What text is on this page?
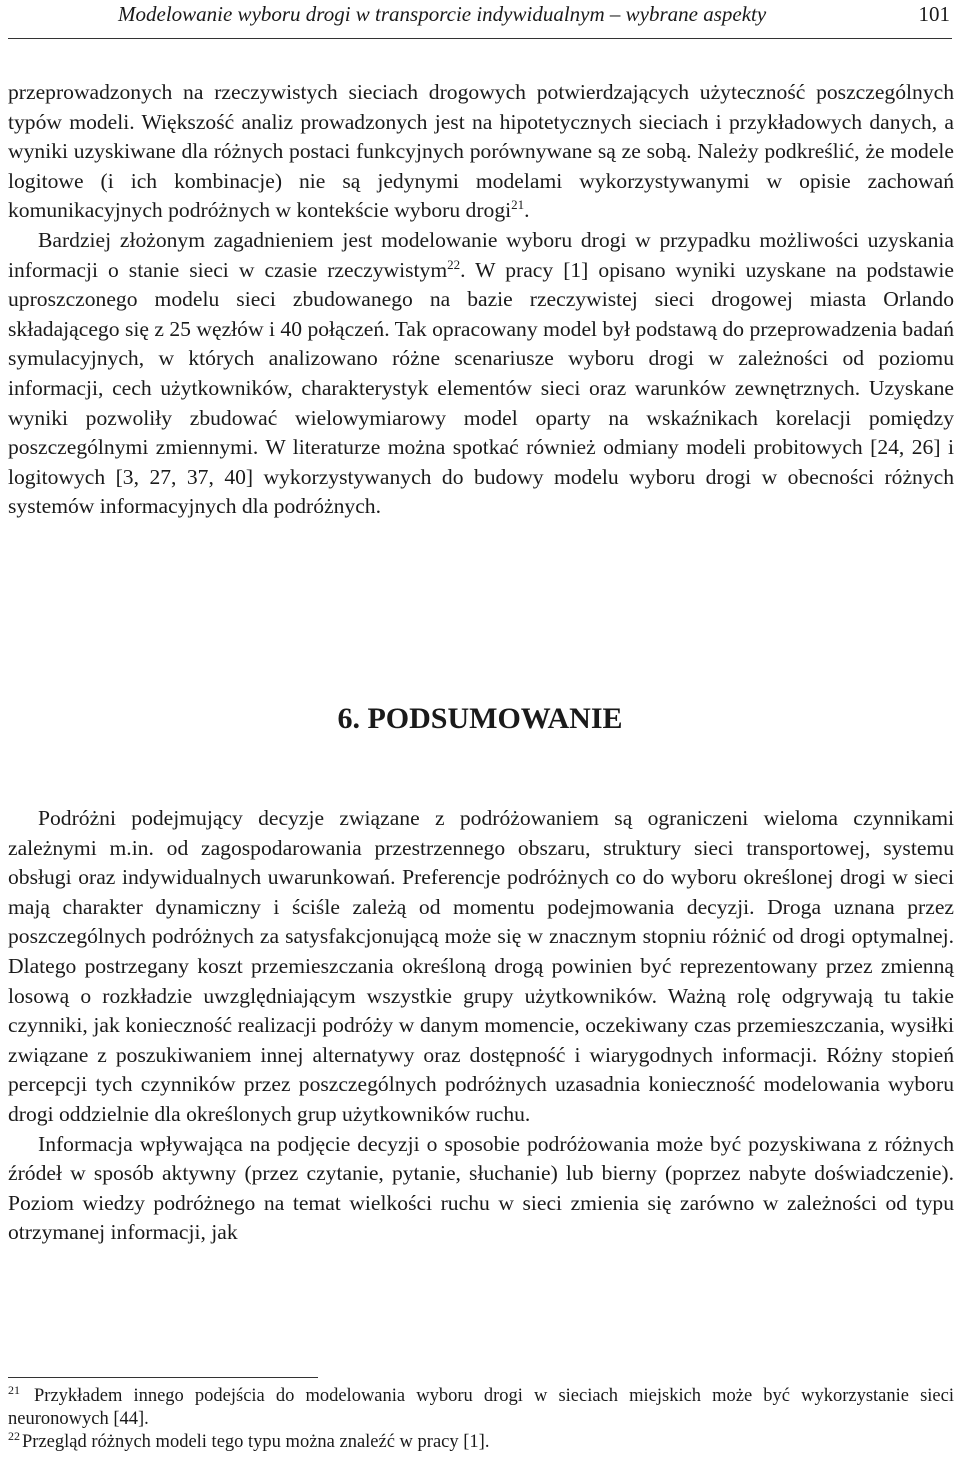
Modelowanie wyboru drogi w transporcie indywidualnym – wybrane aspekty	101

przeprowadzonych na rzeczywistych sieciach drogowych potwierdzających użyteczność poszczególnych typów modeli. Większość analiz prowadzonych jest na hipotetycznych sieciach i przykładowych danych, a wyniki uzyskiwane dla różnych postaci funkcyjnych porównywane są ze sobą. Należy podkreślić, że modele logitowe (i ich kombinacje) nie są jedynymi modelami wykorzystywanymi w opisie zachowań komunikacyjnych podróżnych w kontekście wyboru drogi$^{21}$.

Bardziej złożonym zagadnieniem jest modelowanie wyboru drogi w przypadku możliwości uzyskania informacji o stanie sieci w czasie rzeczywistym$^{22}$. W pracy [1] opisano wyniki uzyskane na podstawie uproszczonego modelu sieci zbudowanego na bazie rzeczywistej sieci drogowej miasta Orlando składającego się z 25 węzłów i 40 połączeń. Tak opracowany model był podstawą do przeprowadzenia badań symulacyjnych, w których analizowano różne scenariusze wyboru drogi w zależności od poziomu informacji, cech użytkowników, charakterystyk elementów sieci oraz warunków zewnętrznych. Uzyskane wyniki pozwoliły zbudować wielowymiarowy model oparty na wskaźnikach korelacji pomiędzy poszczególnymi zmiennymi. W literaturze można spotkać również odmiany modeli probitowych [24, 26] i logitowych [3, 27, 37, 40] wykorzystywanych do budowy modelu wyboru drogi w obecności różnych systemów informacyjnych dla podróżnych.

6. PODSUMOWANIE

Podróżni podejmujący decyzje związane z podróżowaniem są ograniczeni wieloma czynnikami zależnymi m.in. od zagospodarowania przestrzennego obszaru, struktury sieci transportowej, systemu obsługi oraz indywidualnych uwarunkowań. Preferencje podróżnych co do wyboru określonej drogi w sieci mają charakter dynamiczny i ściśle zależą od momentu podejmowania decyzji. Droga uznana przez poszczególnych podróżnych za satysfakcjonującą może się w znacznym stopniu różnić od drogi optymalnej. Dlatego postrzegany koszt przemieszczania określoną drogą powinien być reprezentowany przez zmienną losową o rozkładzie uwzględniającym wszystkie grupy użytkowników. Ważną rolę odgrywają tu takie czynniki, jak konieczność realizacji podróży w danym momencie, oczekiwany czas przemieszczania, wysiłki związane z poszukiwaniem innej alternatywy oraz dostępność i wiarygodnych informacji. Różny stopień percepcji tych czynników przez poszczególnych podróżnych uzasadnia konieczność modelowania wyboru drogi oddzielnie dla określonych grup użytkowników ruchu.

Informacja wpływająca na podjęcie decyzji o sposobie podróżowania może być pozyskiwana z różnych źródeł w sposób aktywny (przez czytanie, pytanie, słuchanie) lub bierny (poprzez nabyte doświadczenie). Poziom wiedzy podróżnego na temat wielkości ruchu w sieci zmienia się zarówno w zależności od typu otrzymanej informacji, jak

$^{21}$ Przykładem innego podejścia do modelowania wyboru drogi w sieciach miejskich może być wykorzystanie sieci neuronowych [44].

$^{22}$ Przegląd różnych modeli tego typu można znaleźć w pracy [1].
